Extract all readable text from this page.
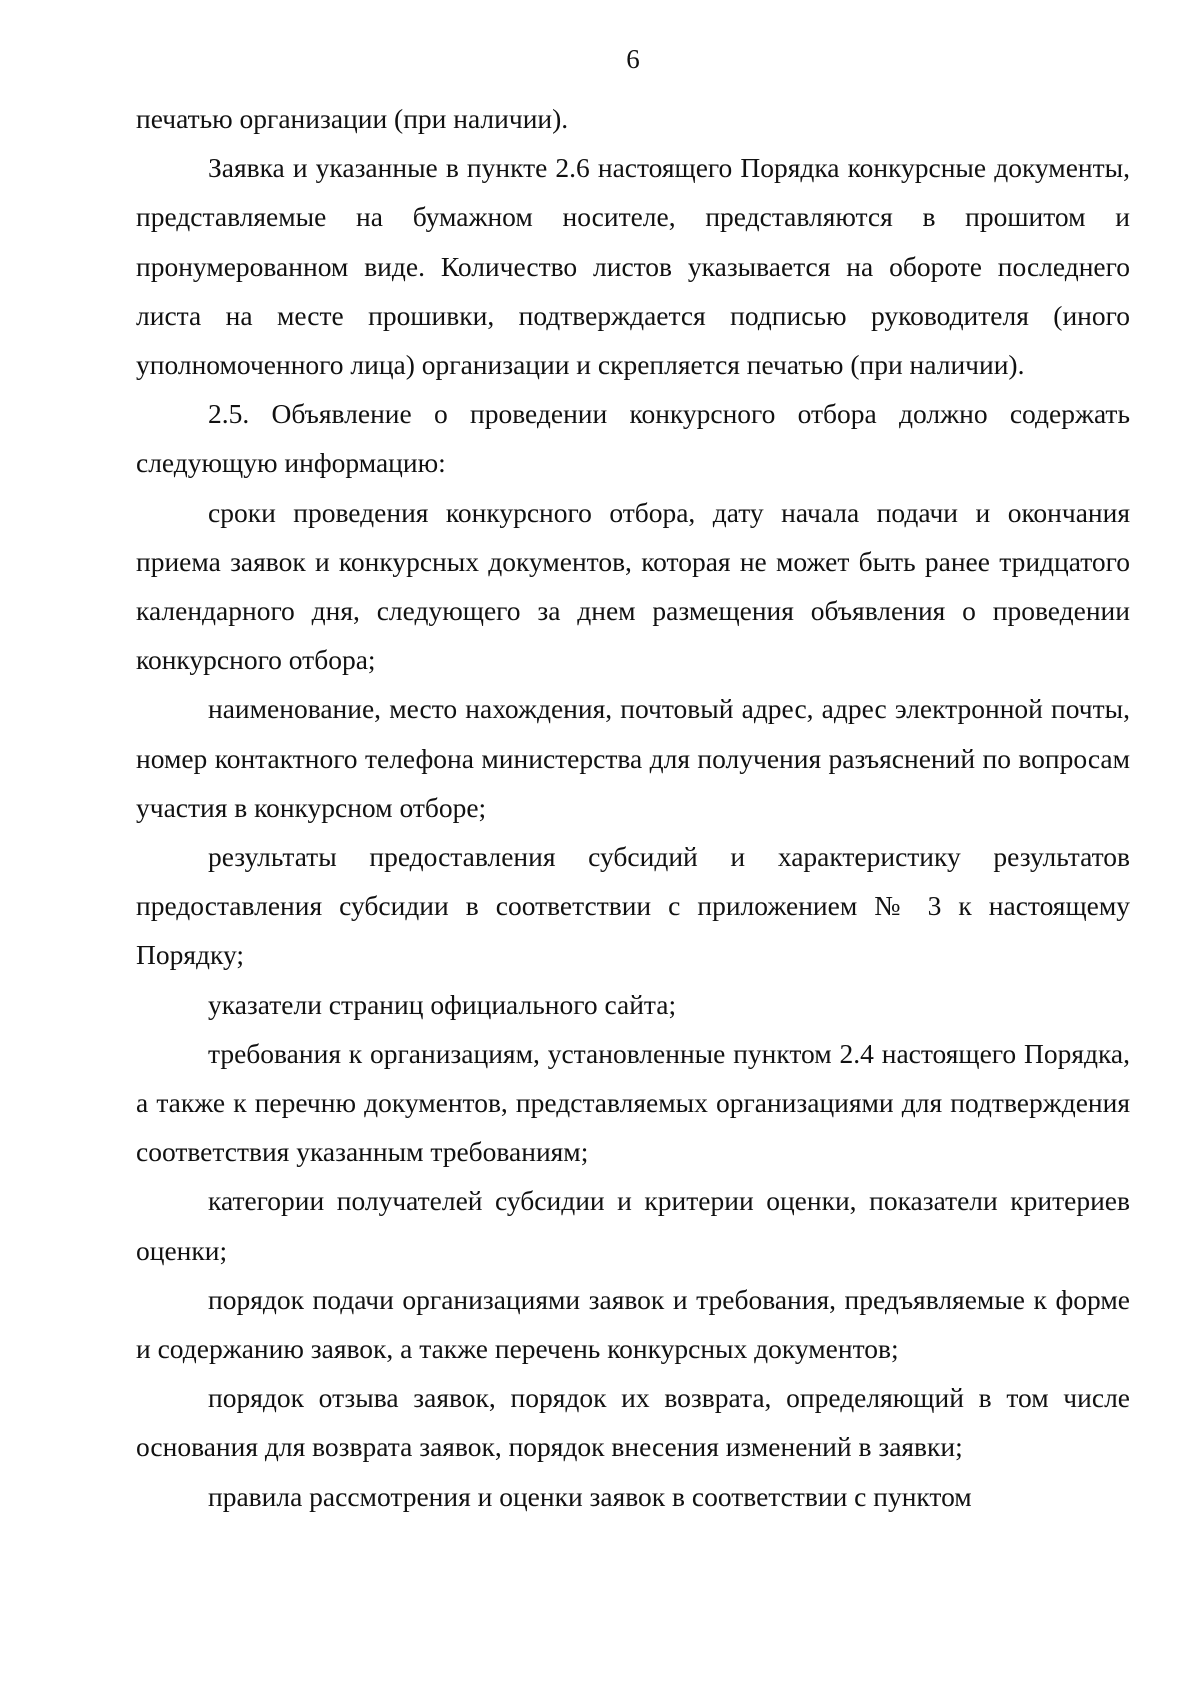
6

печатью организации (при наличии).

Заявка и указанные в пункте 2.6 настоящего Порядка конкурсные документы, представляемые на бумажном носителе, представляются в прошитом и пронумерованном виде. Количество листов указывается на обороте последнего листа на месте прошивки, подтверждается подписью руководителя (иного уполномоченного лица) организации и скрепляется печатью (при наличии).

2.5. Объявление о проведении конкурсного отбора должно содержать следующую информацию:

сроки проведения конкурсного отбора, дату начала подачи и окончания приема заявок и конкурсных документов, которая не может быть ранее тридцатого календарного дня, следующего за днем размещения объявления о проведении конкурсного отбора;

наименование, место нахождения, почтовый адрес, адрес электронной почты, номер контактного телефона министерства для получения разъяснений по вопросам участия в конкурсном отборе;

результаты предоставления субсидий и характеристику результатов предоставления субсидии в соответствии с приложением № 3 к настоящему Порядку;

указатели страниц официального сайта;

требования к организациям, установленные пунктом 2.4 настоящего Порядка, а также к перечню документов, представляемых организациями для подтверждения соответствия указанным требованиям;

категории получателей субсидии и критерии оценки, показатели критериев оценки;

порядок подачи организациями заявок и требования, предъявляемые к форме и содержанию заявок, а также перечень конкурсных документов;

порядок отзыва заявок, порядок их возврата, определяющий в том числе основания для возврата заявок, порядок внесения изменений в заявки;

правила рассмотрения и оценки заявок в соответствии с пунктом
